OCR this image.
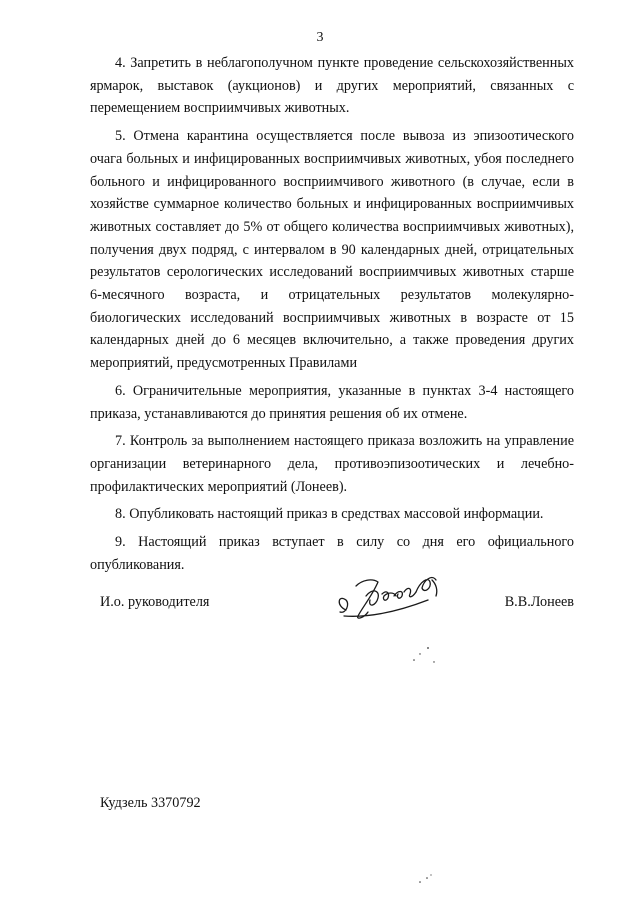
3

4. Запретить в неблагополучном пункте проведение сельскохозяйственных ярмарок, выставок (аукционов) и других мероприятий, связанных с перемещением восприимчивых животных.

5. Отмена карантина осуществляется после вывоза из эпизоотического очага больных и инфицированных восприимчивых животных, убоя последнего больного и инфицированного восприимчивого животного (в случае, если в хозяйстве суммарное количество больных и инфицированных восприимчивых животных составляет до 5% от общего количества восприимчивых животных), получения двух подряд, с интервалом в 90 календарных дней, отрицательных результатов серологических исследований восприимчивых животных старше 6-месячного возраста, и отрицательных результатов молекулярно-биологических исследований восприимчивых животных в возрасте от 15 календарных дней до 6 месяцев включительно, а также проведения других мероприятий, предусмотренных Правилами

6. Ограничительные мероприятия, указанные в пунктах 3-4 настоящего приказа, устанавливаются до принятия решения об их отмене.

7. Контроль за выполнением настоящего приказа возложить на управление организации ветеринарного дела, противоэпизоотических и лечебно-профилактических мероприятий (Лонеев).

8. Опубликовать настоящий приказ в средствах массовой информации.

9. Настоящий приказ вступает в силу со дня его официального опубликования.

И.о. руководителя	В.В.Лонеев
Кудзель 3370792
